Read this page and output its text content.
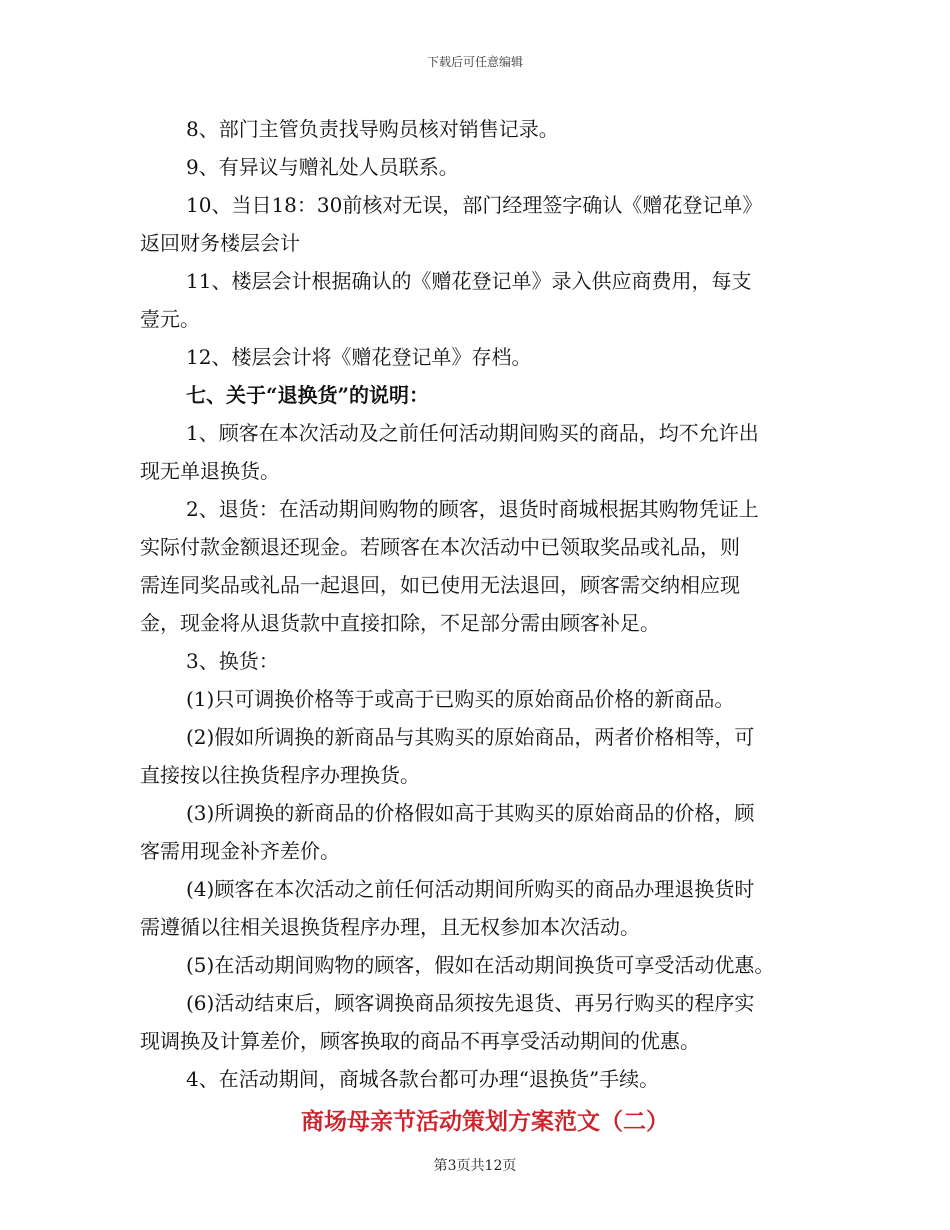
下载后可任意编辑

8、部门主管负责找导购员核对销售记录。

9、有异议与赠礼处人员联系。

10、当日18：30前核对无误，部门经理签字确认《赠花登记单》

返回财务楼层会计

11、楼层会计根据确认的《赠花登记单》录入供应商费用，每支

壹元。

12、楼层会计将《赠花登记单》存档。

七、关于“退换货”的说明：

1、顾客在本次活动及之前任何活动期间购买的商品，均不允许出

现无单退换货。

2、退货：在活动期间购物的顾客，退货时商城根据其购物凭证上

实际付款金额退还现金。若顾客在本次活动中已领取奖品或礼品，则

需连同奖品或礼品一起退回，如已使用无法退回，顾客需交纳相应现

金，现金将从退货款中直接扣除，不足部分需由顾客补足。

3、换货：

(1)只可调换价格等于或高于已购买的原始商品价格的新商品。

(2)假如所调换的新商品与其购买的原始商品，两者价格相等，可

直接按以往换货程序办理换货。

(3)所调换的新商品的价格假如高于其购买的原始商品的价格，顾

客需用现金补齐差价。

(4)顾客在本次活动之前任何活动期间所购买的商品办理退换货时

需遵循以往相关退换货程序办理，且无权参加本次活动。

(5)在活动期间购物的顾客，假如在活动期间换货可享受活动优惠。

(6)活动结束后，顾客调换商品须按先退货、再另行购买的程序实

现调换及计算差价，顾客换取的商品不再享受活动期间的优惠。

4、在活动期间，商城各款台都可办理“退换货”手续。

商场母亲节活动策划方案范文（二）
第3页共12页
